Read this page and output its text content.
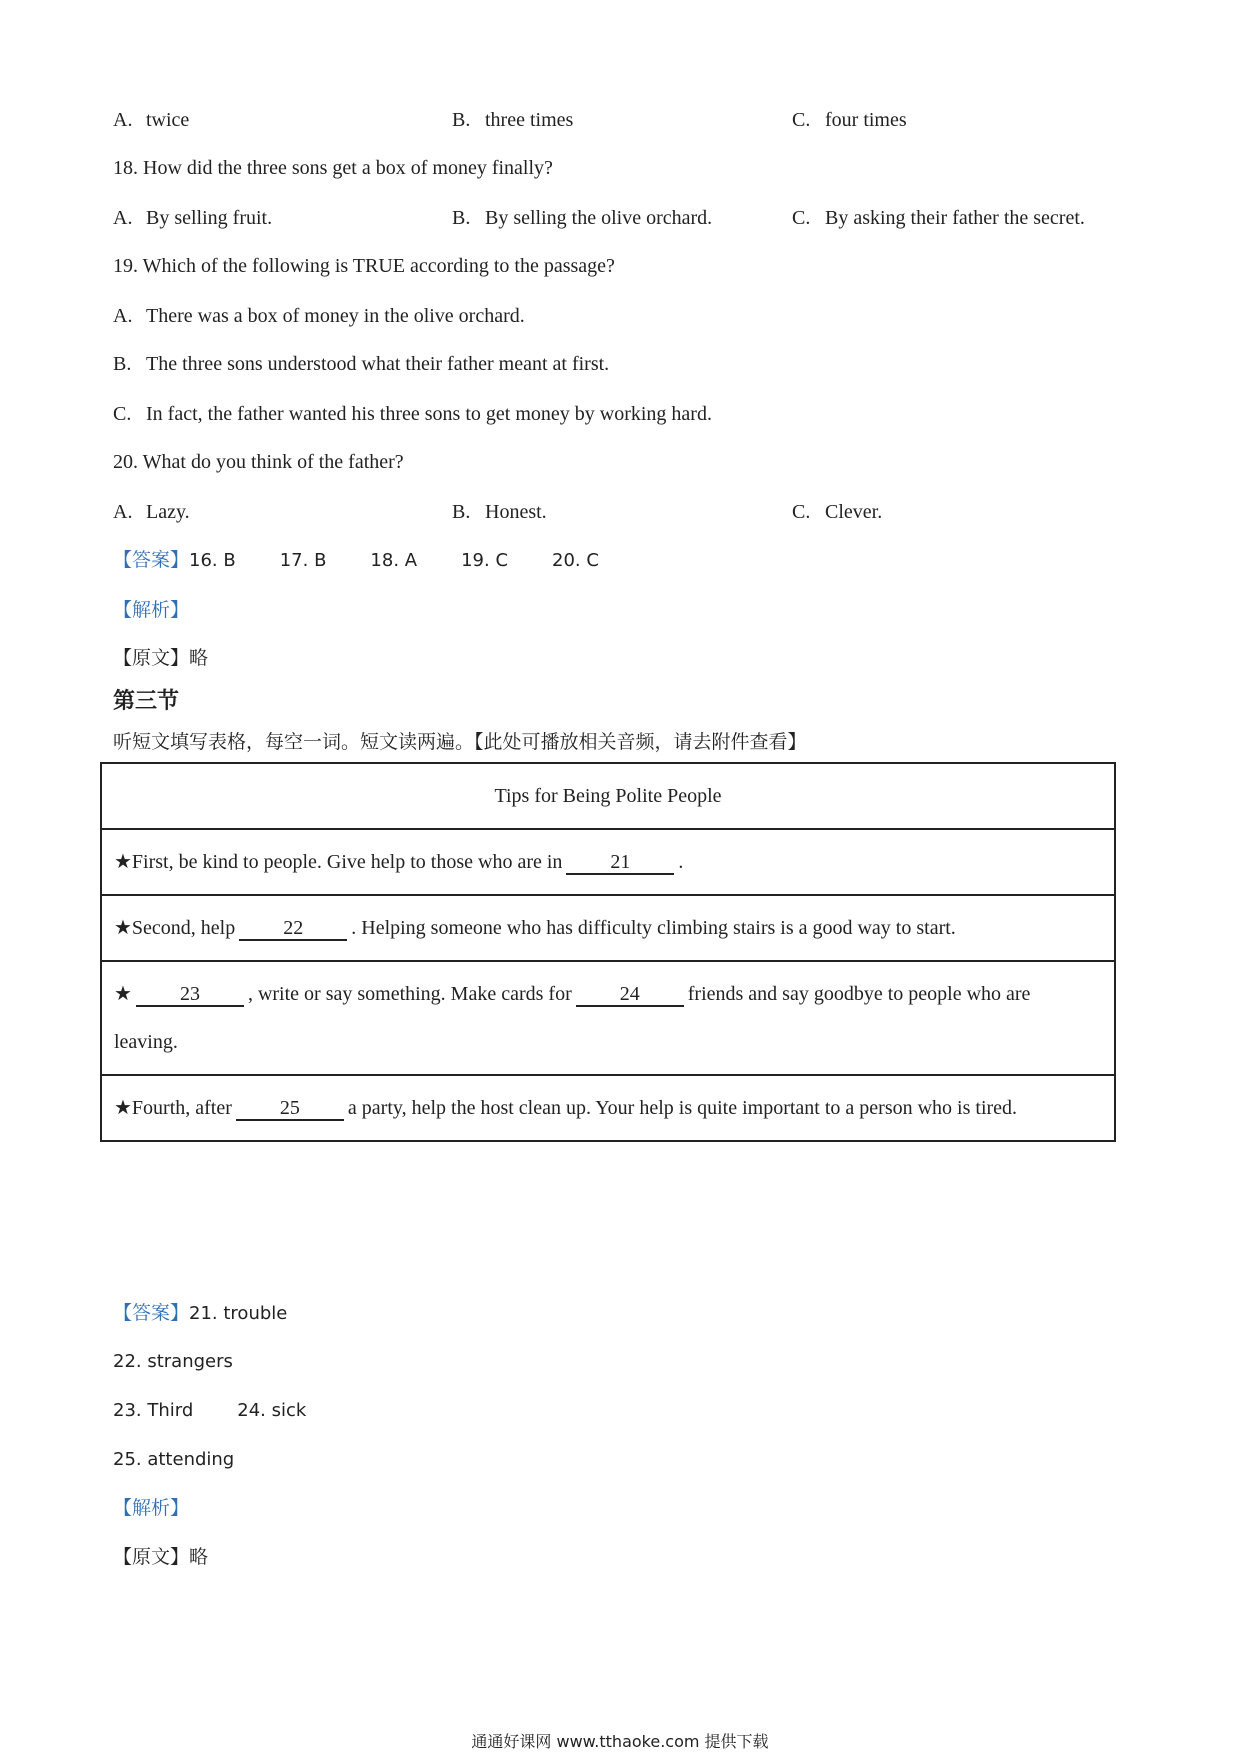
A. twice	B. three times	C. four times
18. How did the three sons get a box of money finally?
A. By selling fruit.	B. By selling the olive orchard.	C. By asking their father the secret.
19. Which of the following is TRUE according to the passage?
A. There was a box of money in the olive orchard.
B. The three sons understood what their father meant at first.
C. In fact, the father wanted his three sons to get money by working hard.
20. What do you think of the father?
A. Lazy.	B. Honest.	C. Clever.
【答案】16. B 17. B 18. A 19. C 20. C
【解析】
【原文】略
第三节
听短文填写表格，每空一词。短文读两遍。【此处可播放相关音频，请去附件查看】
Tips for Being Polite People
★First, be kind to people. Give help to those who are in 21 .
★Second, help 22 . Helping someone who has difficulty climbing stairs is a good way to start.
★ 23 , write or say something. Make cards for 24 friends and say goodbye to people who are
leaving.
★Fourth, after 25 a party, help the host clean up. Your help is quite important to a person who is tired.
【答案】21. trouble
22. strangers
23. Third 24. sick
25. attending
【解析】
【原文】略
通通好课网 www.tthaoke.com 提供下载
